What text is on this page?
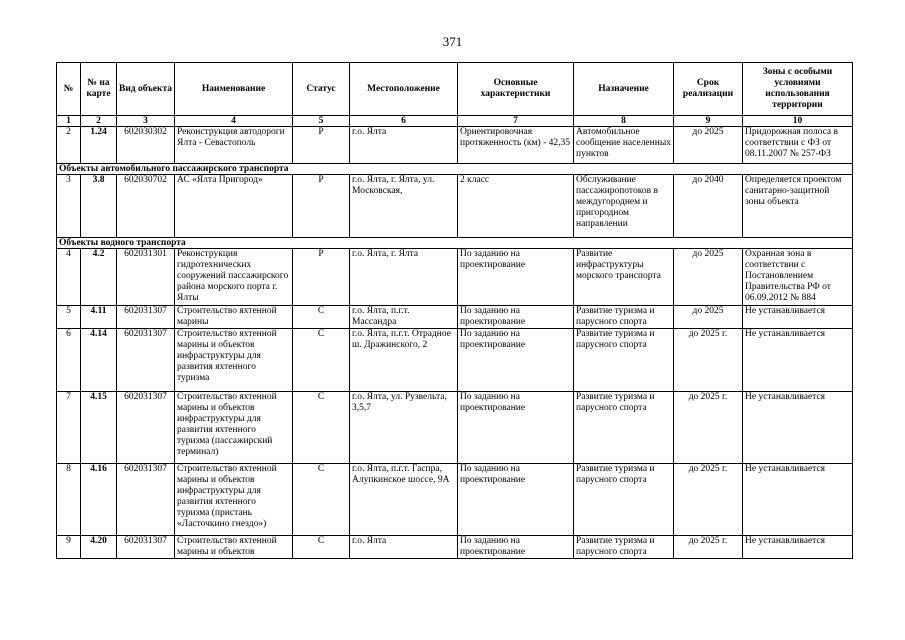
371
№	№ на карте	Вид объекта	Наименование	Статус	Местоположение	Основные характеристики	Назначение	Срок реализации	Зоны с особыми условиями использования территории
1	2	3	4	5	6	7	8	9	10
2	1.24	602030302	Реконструкция автодороги Ялта - Севастополь	Р	г.о. Ялта	Ориентировочная протяженность (км) - 42,35	Автомобильное сообщение населенных пунктов	до 2025	Придорожная полоса в соответствии с ФЗ от 08.11.2007 № 257-ФЗ
Объекты автомобильного пассажирского транспорта									
3	3.8	602030702	АС «Ялта Пригород»	Р	г.о. Ялта, г. Ялта, ул. Московская,	2 класс	Обслуживание пассажиропотоков в междугороднем и пригородном направлении	до 2040	Определяется проектом санитарно-защитной зоны объекта
Объекты водного транспорта									
4	4.2	602031301	Реконструкция гидротехнических сооружений пассажирского района морского порта г. Ялты	Р	г.о. Ялта, г. Ялта	По заданию на проектирование	Развитие инфраструктуры морского транспорта	до 2025	Охранная зона в соответствии с Постановлением Правительства РФ от 06.09.2012 № 884
5	4.11	602031307	Строительство яхтенной марины	С	г.о. Ялта, п.г.т. Массандра	По заданию на проектирование	Развитие туризма и парусного спорта	до 2025	Не устанавливается
6	4.14	602031307	Строительство яхтенной марины и объектов инфраструктуры для развития яхтенного туризма	С	г.о. Ялта, п.г.т. Отрадное ш. Дражинского, 2	По заданию на проектирование	Развитие туризма и парусного спорта	до 2025 г.	Не устанавливается
7	4.15	602031307	Строительство яхтенной марины и объектов инфраструктуры для развития яхтенного туризма (пассажирский терминал)	С	г.о. Ялта, ул. Рузвельта, 3,5,7	По заданию на проектирование	Развитие туризма и парусного спорта	до 2025 г.	Не устанавливается
8	4.16	602031307	Строительство яхтенной марины и объектов инфраструктуры для развития яхтенного туризма (пристань «Ласточкино гнездо»)	С	г.о. Ялта, п.г.т. Гаспра, Алупкинское шоссе, 9А	По заданию на проектирование	Развитие туризма и парусного спорта	до 2025 г.	Не устанавливается
9	4.20	602031307	Строительство яхтенной марины и объектов	С	г.о. Ялта	По заданию на проектирование	Развитие туризма и парусного спорта	до 2025 г.	Не устанавливается
